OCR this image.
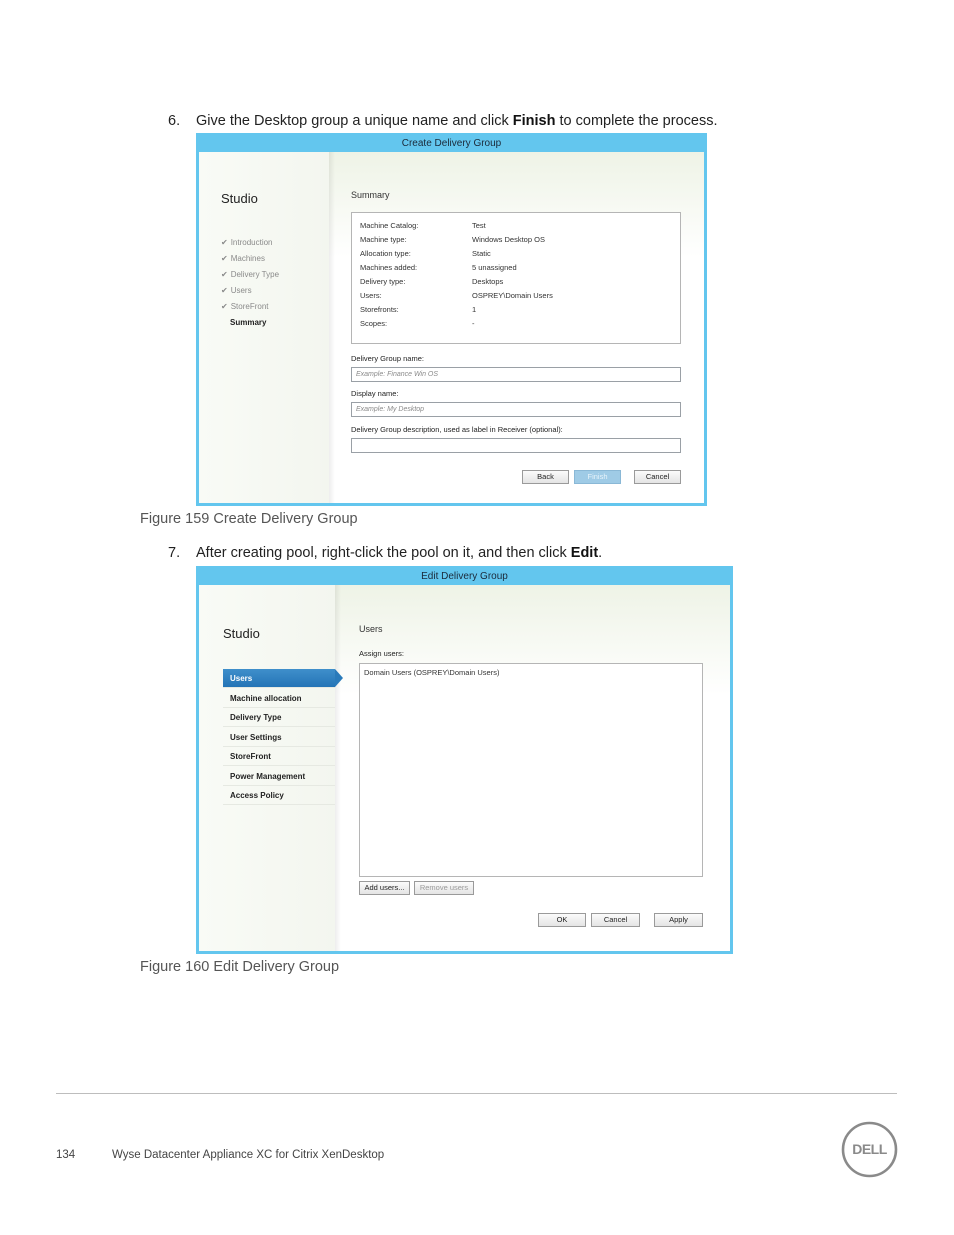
6. Give the Desktop group a unique name and click Finish to complete the process.
Create Delivery Group
Studio
✔ Introduction
✔ Machines
✔ Delivery Type
✔ Users
✔ StoreFront
Summary
Summary
Machine Catalog:	Test
Machine type:	Windows Desktop OS
Allocation type:	Static
Machines added:	5 unassigned
Delivery type:	Desktops
Users:	OSPREY\Domain Users
Storefronts:	1
Scopes:	-
Delivery Group name:
Example: Finance Win OS
Display name:
Example: My Desktop
Delivery Group description, used as label in Receiver (optional):
Back	Finish	Cancel
Figure 159 Create Delivery Group
7. After creating pool, right-click the pool on it, and then click Edit.
Edit Delivery Group
Studio
Users
Machine allocation
Delivery Type
User Settings
StoreFront
Power Management
Access Policy
Users
Assign users:
Domain Users (OSPREY\Domain Users)
Add users...	Remove users
OK	Cancel	Apply
Figure 160 Edit Delivery Group
134	Wyse Datacenter Appliance XC for Citrix XenDesktop	DELL
